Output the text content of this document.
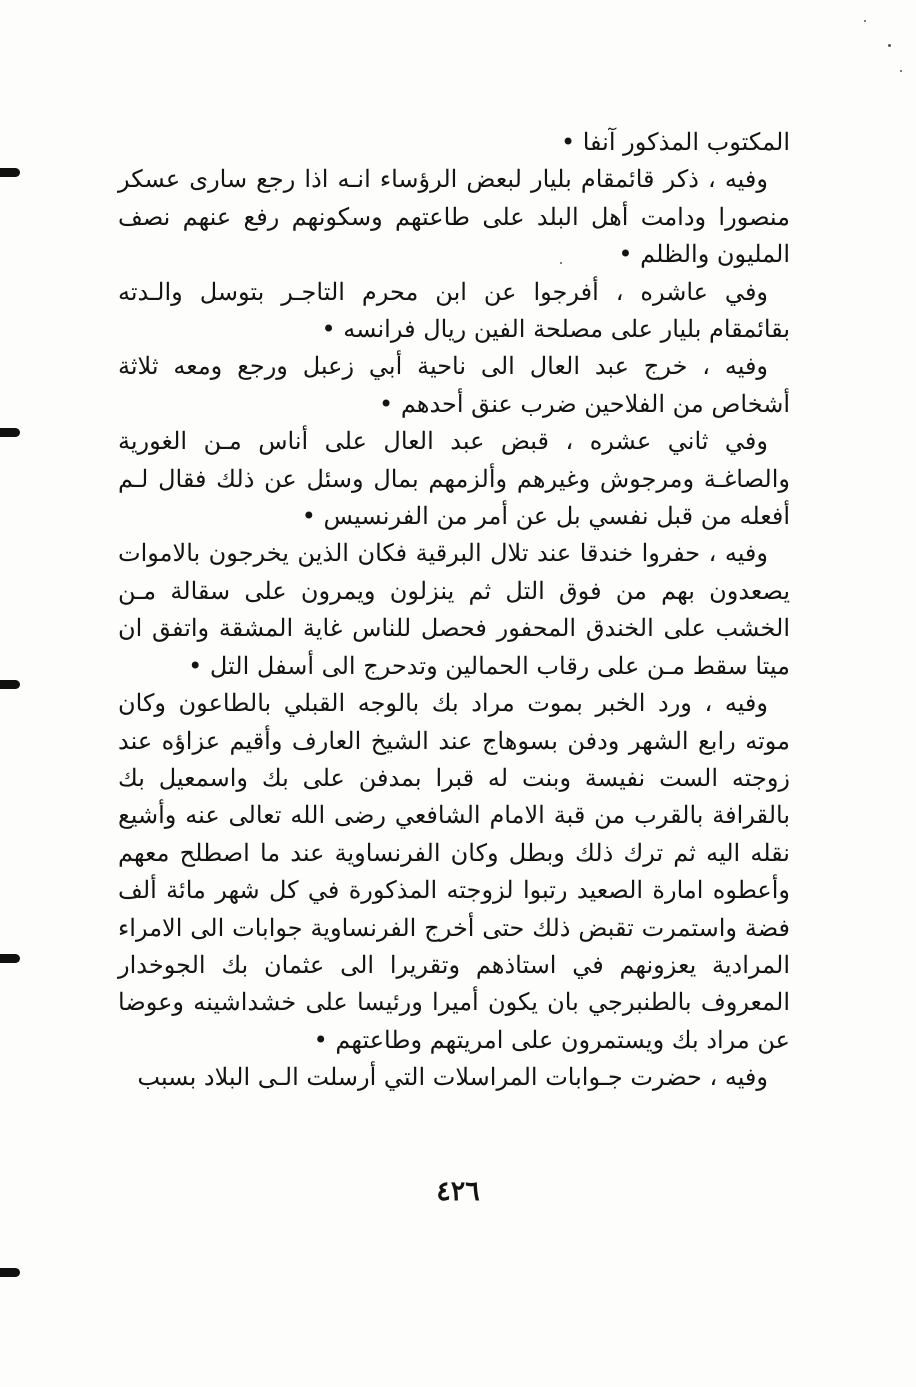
المكتوب المذكور آنفا •

وفيه ، ذكر قائمقام بليار لبعض الرؤساء انـه اذا رجع سارى عسكر منصورا ودامت أهل البلد على طاعتهم وسكونهم رفع عنهم نصف المليون والظلم •

وفي عاشره ، أفرجوا عن ابن محرم التاجـر بتوسل والـدته بقائمقام بليار على مصلحة الفين ريال فرانسه •

وفيه ، خرج عبد العال الى ناحية أبي زعبل ورجع ومعه ثلاثة أشخاص من الفلاحين ضرب عنق أحدهم •

وفي ثاني عشره ، قبض عبد العال على أناس مـن الغورية والصاغـة ومرجوش وغيرهم وألزمهم بمال وسئل عن ذلك فقال لـم أفعله من قبل نفسي بل عن أمر من الفرنسيس •

وفيه ، حفروا خندقا عند تلال البرقية فكان الذين يخرجون بالاموات يصعدون بهم من فوق التل ثم ينزلون ويمرون على سقالة مـن الخشب على الخندق المحفور فحصل للناس غاية المشقة واتفق ان ميتا سقط مـن على رقاب الحمالين وتدحرج الى أسفل التل •

وفيه ، ورد الخبر بموت مراد بك بالوجه القبلي بالطاعون وكان موته رابع الشهر ودفن بسوهاج عند الشيخ العارف وأقيم عزاؤه عند زوجته الست نفيسة وبنت له قبرا بمدفن على بك واسمعيل بك بالقرافة بالقرب من قبة الامام الشافعي رضى الله تعالى عنه وأشيع نقله اليه ثم ترك ذلك وبطل وكان الفرنساوية عند ما اصطلح معهم وأعطوه امارة الصعيد رتبوا لزوجته المذكورة في كل شهر مائة ألف فضة واستمرت تقبض ذلك حتى أخرج الفرنساوية جوابات الى الامراء المرادية يعزونهم في استاذهم وتقريرا الى عثمان بك الجوخدار المعروف بالطنبرجي بان يكون أميرا ورئيسا على خشداشينه وعوضا عن مراد بك ويستمرون على امريتهم وطاعتهم •

وفيه ، حضرت جـوابات المراسلات التي أرسلت الـى البلاد بسبب

٤٢٦
